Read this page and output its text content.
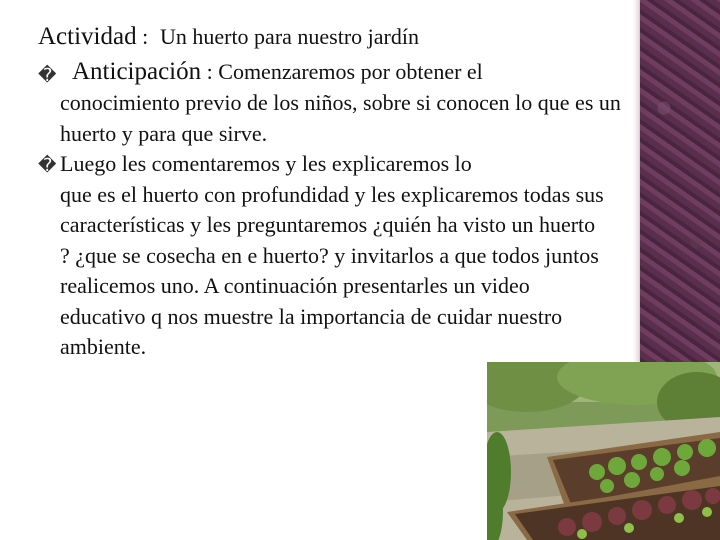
Actividad :  Un huerto para nuestro jardín
� Anticipación : Comenzaremos por obtener el
conocimiento previo de los niños, sobre si conocen lo que es un huerto y para que sirve.
� Luego les comentaremos y les explicaremos lo
que es el huerto con profundidad y les explicaremos todas sus características y les preguntaremos ¿quién ha visto un huerto ? ¿que se cosecha en e huerto? y invitarlos a que todos juntos realicemos uno. A continuación presentarles un video educativo q nos muestre la importancia de cuidar nuestro ambiente.
